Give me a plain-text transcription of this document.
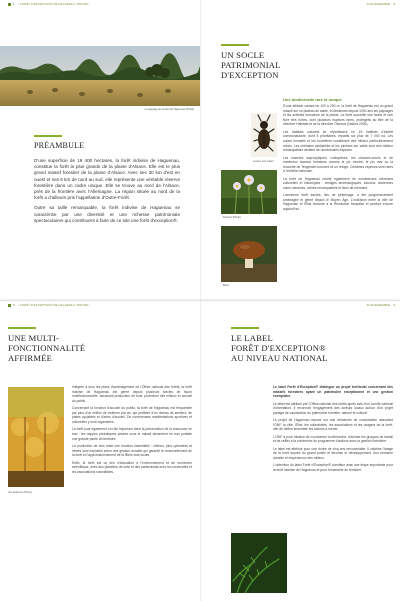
1 > FORÊT D'EXCEPTION® DE HAGUENAU | PROJET
Le paysage de la forêt de Haguenau (Photo)
PRÉAMBULE

D'une superficie de 19 400 hectares, la forêt indivise de Haguenau, constitue la forêt la plus grande de la plaine d'Alsace. Elle est le plus grand massif forestier de la plaine d'Alsace. Avec ses 30 km d'est en ouest et ses 6 km de nord au sud, elle représente une véritable réserve forestière dans un cadre unique. Elle se trouve au nord de l'Alsace, près de la frontière avec l'Allemagne. La région située au nord de la forêt a d'ailleurs pris l'appellation d'Outre-Forêt.

Outre sa taille remarquable, la forêt indivise de Haguenau se caractérise par une diversité et une richesse patrimoniale spectaculaires qui contribuent à faire de ce site une forêt d'exception®.

AGIR ENSEMBLE 2
UN SOCLE
PATRIMONIAL
D'EXCEPTION
Une biodiversité rare et unique

D'une altitude variant de 100 à 200 m, la forêt de Haguenau est un grand massif sur un plateau de sable, et dessinant depuis 1000 ans les paysages et les activités humaines de la plaine. La forêt accueille une faune et une flore très riches, dont plusieurs espèces rares, protégées au titre de la directive Habitats et de la directive Oiseaux (Natura 2000).

Les habitats naturels se répartissent en 15 habitats d'intérêt communautaire, dont 5 prioritaires, répartis sur plus de 7 000 ha. Les zones humides et les tourbières constituent des milieux particulièrement riches. Les chênaies acidiphiles et les pinèdes sur sable sont des milieux remarquables abritant de nombreuses espèces.

Les insectes saproxyliques, coléoptères, les chauves-souris et de nombreux oiseaux forestiers comme le pic cendré, le pic mar ou la chouette de Tengmalm trouvent ici un refuge. Certaines espèces sont rares à l'échelle nationale.

La forêt de Haguenau recèle également de nombreuses richesses culturelles et historiques : vestiges archéologiques, tumulus, anciennes voies romaines, arbres remarquables et lieux de mémoire.

L'ancienne forêt sacrée, lieu de pèlerinage, a été progressivement aménagée et gérée depuis le Moyen Âge. L'indivision entre la ville de Haguenau et l'État remonte à la Révolution française et perdure encore aujourd'hui.

Lucane cerf-volant
Drosera (Photo)
Bolet
3 > FORÊT D'EXCEPTION® DE HAGUENAU | PROJET
UNE MULTI-
FONCTIONNALITÉ
AFFIRMÉE
Vue aérienne (Photo)

Intégrée à tous les plans d'aménagement de l'Office national des forêts, la forêt indivise de Haguenau est gérée depuis plusieurs siècles de façon multifonctionnelle, associant production de bois, protection des milieux et accueil du public.

Concernant la fonction d'accueil du public, la forêt de Haguenau est fréquentée par plus d'un million de visiteurs par an, qui profitent d'un réseau de sentiers, de pistes cyclables et d'aires d'accueil. De nombreuses manifestations sportives et culturelles y sont organisées.

La forêt joue également un rôle important dans la préservation de la ressource en eau : les nappes phréatiques situées sous le massif alimentent en eau potable une grande partie du territoire.

La production de bois reste une fonction essentielle : chênes, pins sylvestres et hêtres sont exploités selon une gestion durable qui garantit le renouvellement de la forêt et l'approvisionnement de la filière bois locale.

Enfin, la forêt est un lieu d'éducation à l'environnement et de recherche scientifique, avec des placettes de suivi et des partenariats avec les universités et les associations naturalistes.

AGIR ENSEMBLE 4
LE LABEL
FORÊT D'EXCEPTION®
AU NIVEAU NATIONAL

Le label Forêt d'Exception® distingue un projet territorial concernant des massifs forestiers ayant un patrimoine exceptionnel et une gestion exemplaire.

Le label est attribué par l'Office national des forêts après avis d'un comité national d'orientation. Il reconnaît l'engagement des acteurs locaux autour d'un projet partagé de valorisation du patrimoine forestier, naturel et culturel.

Le projet de Haguenau repose sur une démarche de concertation associant l'ONF, la ville, l'État, les collectivités, les associations et les usagers de la forêt, afin de définir ensemble les actions à mener.

L'ONF a pour mission de coordonner la démarche, d'animer les groupes de travail et de veiller à la cohérence du programme d'actions avec la gestion forestière.

Le label est attribué pour une durée de cinq ans renouvelable. Il valorise l'image de la forêt auprès du grand public et favorise le développement d'un tourisme durable et respectueux des milieux.

L'obtention du label Forêt d'Exception® constitue ainsi une étape importante pour la forêt indivise de Haguenau et pour l'ensemble du territoire.
